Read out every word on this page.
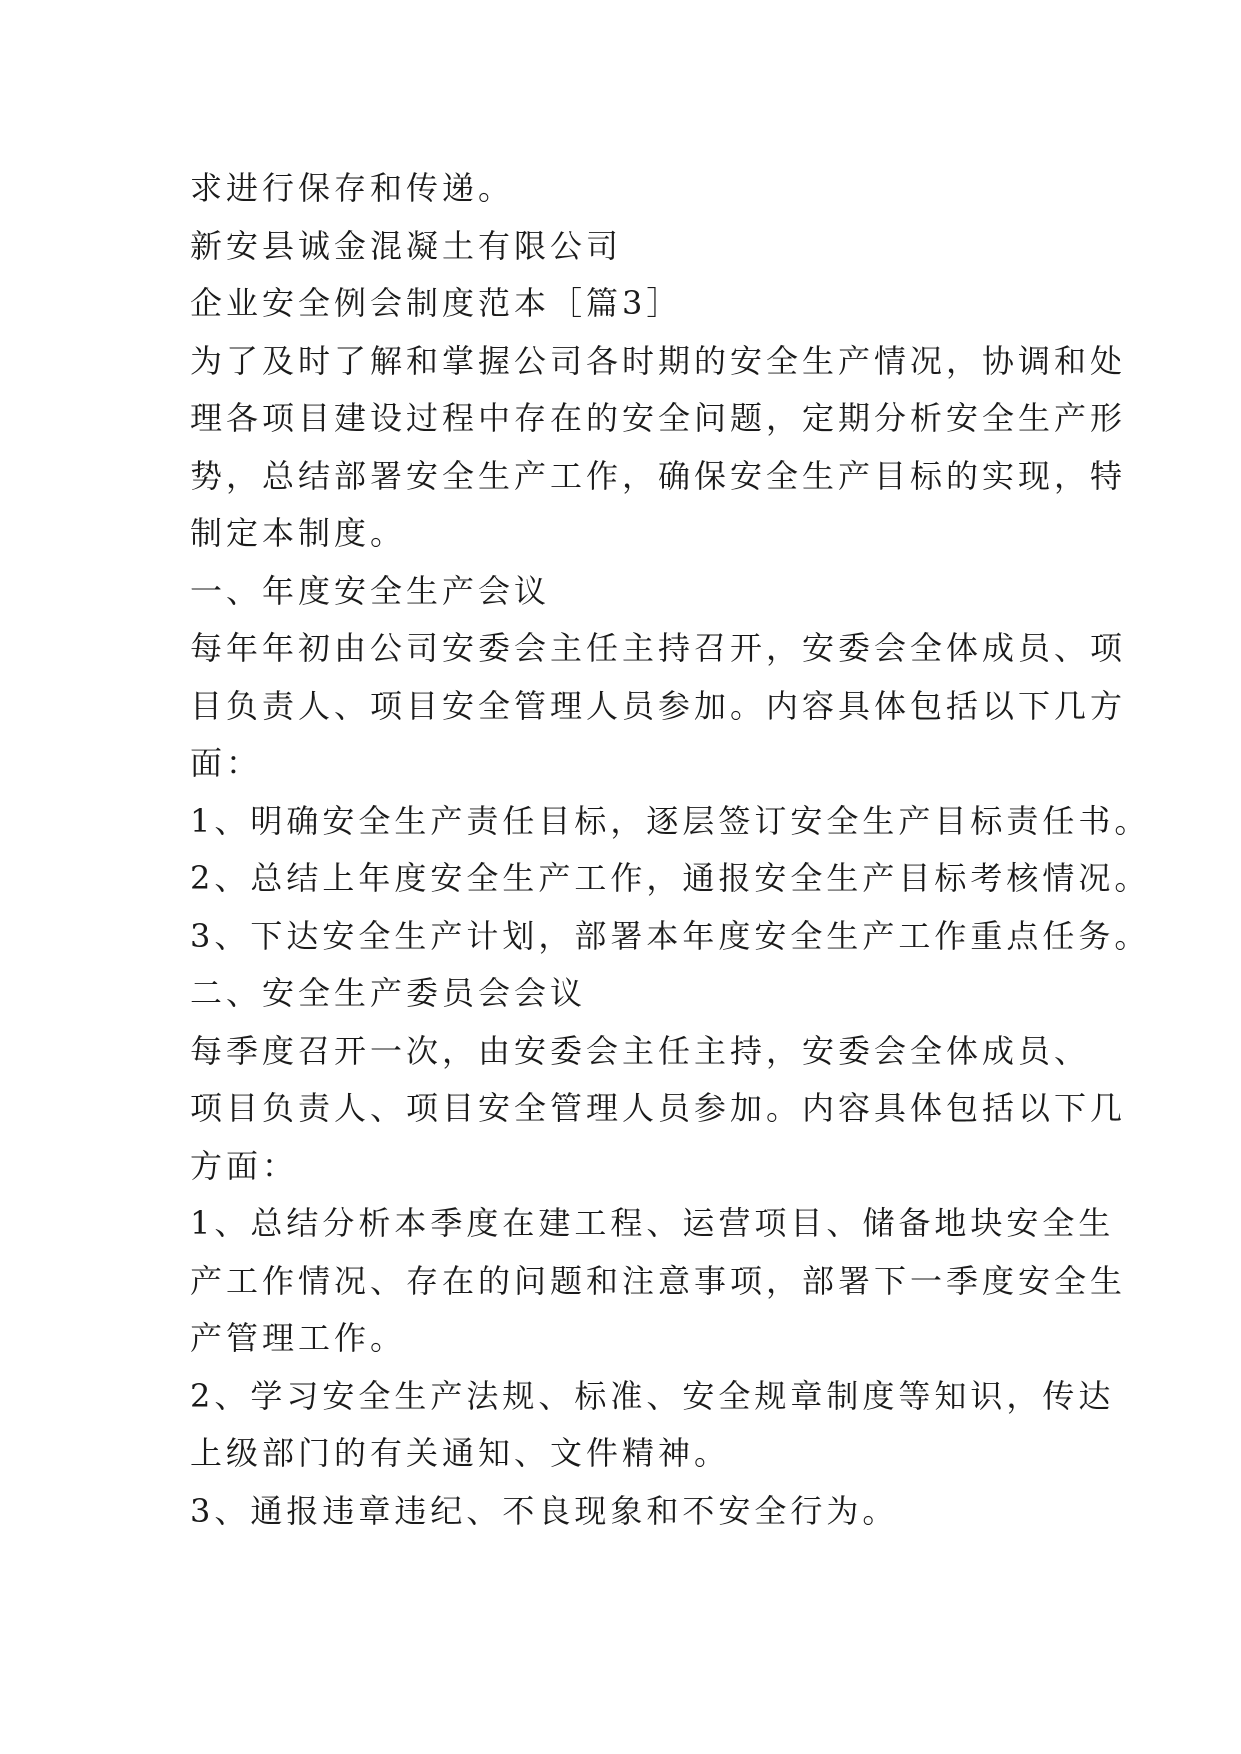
求进行保存和传递。
新安县诚金混凝土有限公司
企业安全例会制度范本［篇3］
为了及时了解和掌握公司各时期的安全生产情况，协调和处
理各项目建设过程中存在的安全问题，定期分析安全生产形
势，总结部署安全生产工作，确保安全生产目标的实现，特
制定本制度。
一、年度安全生产会议
每年年初由公司安委会主任主持召开，安委会全体成员、项
目负责人、项目安全管理人员参加。内容具体包括以下几方
面：
1、明确安全生产责任目标，逐层签订安全生产目标责任书。
2、总结上年度安全生产工作，通报安全生产目标考核情况。
3、下达安全生产计划，部署本年度安全生产工作重点任务。
二、安全生产委员会会议
每季度召开一次，由安委会主任主持，安委会全体成员、
项目负责人、项目安全管理人员参加。内容具体包括以下几
方面：
1、总结分析本季度在建工程、运营项目、储备地块安全生
产工作情况、存在的问题和注意事项，部署下一季度安全生
产管理工作。
2、学习安全生产法规、标准、安全规章制度等知识，传达
上级部门的有关通知、文件精神。
3、通报违章违纪、不良现象和不安全行为。
